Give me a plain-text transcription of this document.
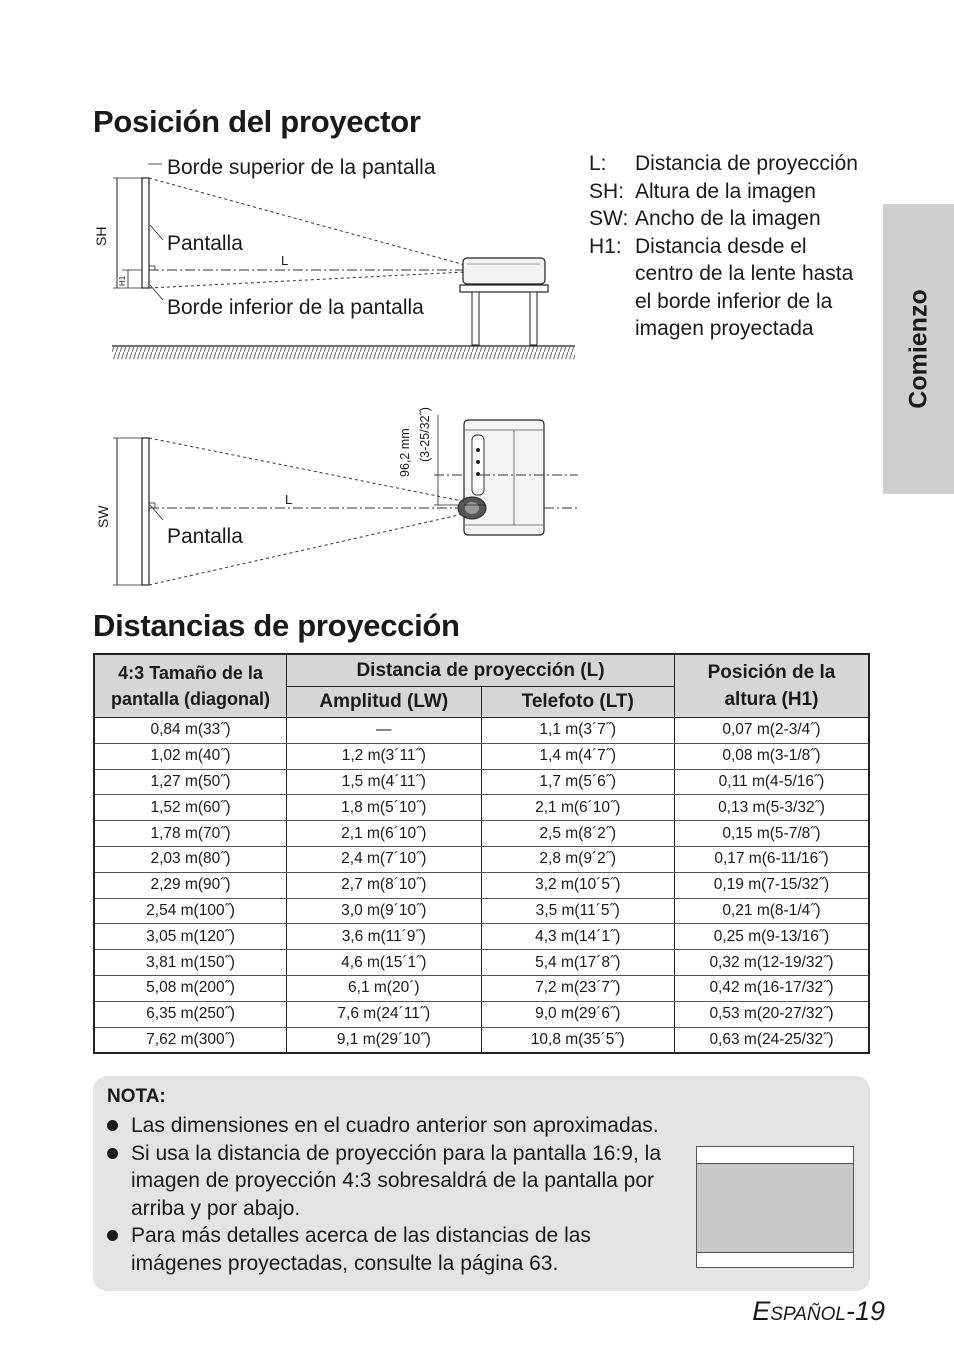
Posición del proyector
Comienzo
SH
L
H1
Borde superior de la pantalla
Pantalla
Borde inferior de la pantalla
L:	Distancia de proyección
SH: Altura de la imagen
SW: Ancho de la imagen
H1: Distancia desde el centro de la lente hasta el borde inferior de la imagen proyectada
SW
L
96,2 mm (3-25/32˝)
Pantalla
Distancias de proyección
4:3 Tamaño de la pantalla (diagonal)	Distancia de proyección (L)		Posición de la altura (H1)
	Amplitud (LW)	Telefoto (LT)	
0,84 m(33˝)	—	1,1 m(3´7˝)	0,07 m(2-3/4˝)
1,02 m(40˝)	1,2 m(3´11˝)	1,4 m(4´7˝)	0,08 m(3-1/8˝)
1,27 m(50˝)	1,5 m(4´11˝)	1,7 m(5´6˝)	0,11 m(4-5/16˝)
1,52 m(60˝)	1,8 m(5´10˝)	2,1 m(6´10˝)	0,13 m(5-3/32˝)
1,78 m(70˝)	2,1 m(6´10˝)	2,5 m(8´2˝)	0,15 m(5-7/8˝)
2,03 m(80˝)	2,4 m(7´10˝)	2,8 m(9´2˝)	0,17 m(6-11/16˝)
2,29 m(90˝)	2,7 m(8´10˝)	3,2 m(10´5˝)	0,19 m(7-15/32˝)
2,54 m(100˝)	3,0 m(9´10˝)	3,5 m(11´5˝)	0,21 m(8-1/4˝)
3,05 m(120˝)	3,6 m(11´9˝)	4,3 m(14´1˝)	0,25 m(9-13/16˝)
3,81 m(150˝)	4,6 m(15´1˝)	5,4 m(17´8˝)	0,32 m(12-19/32˝)
5,08 m(200˝)	6,1 m(20´)	7,2 m(23´7˝)	0,42 m(16-17/32˝)
6,35 m(250˝)	7,6 m(24´11˝)	9,0 m(29´6˝)	0,53 m(20-27/32˝)
7,62 m(300˝)	9,1 m(29´10˝)	10,8 m(35´5˝)	0,63 m(24-25/32˝)
NOTA:
Las dimensiones en el cuadro anterior son aproximadas.
Si usa la distancia de proyección para la pantalla 16:9, la imagen de proyección 4:3 sobresaldrá de la pantalla por arriba y por abajo.
Para más detalles acerca de las distancias de las imágenes proyectadas, consulte la página 63.
ESPAÑOL-19
